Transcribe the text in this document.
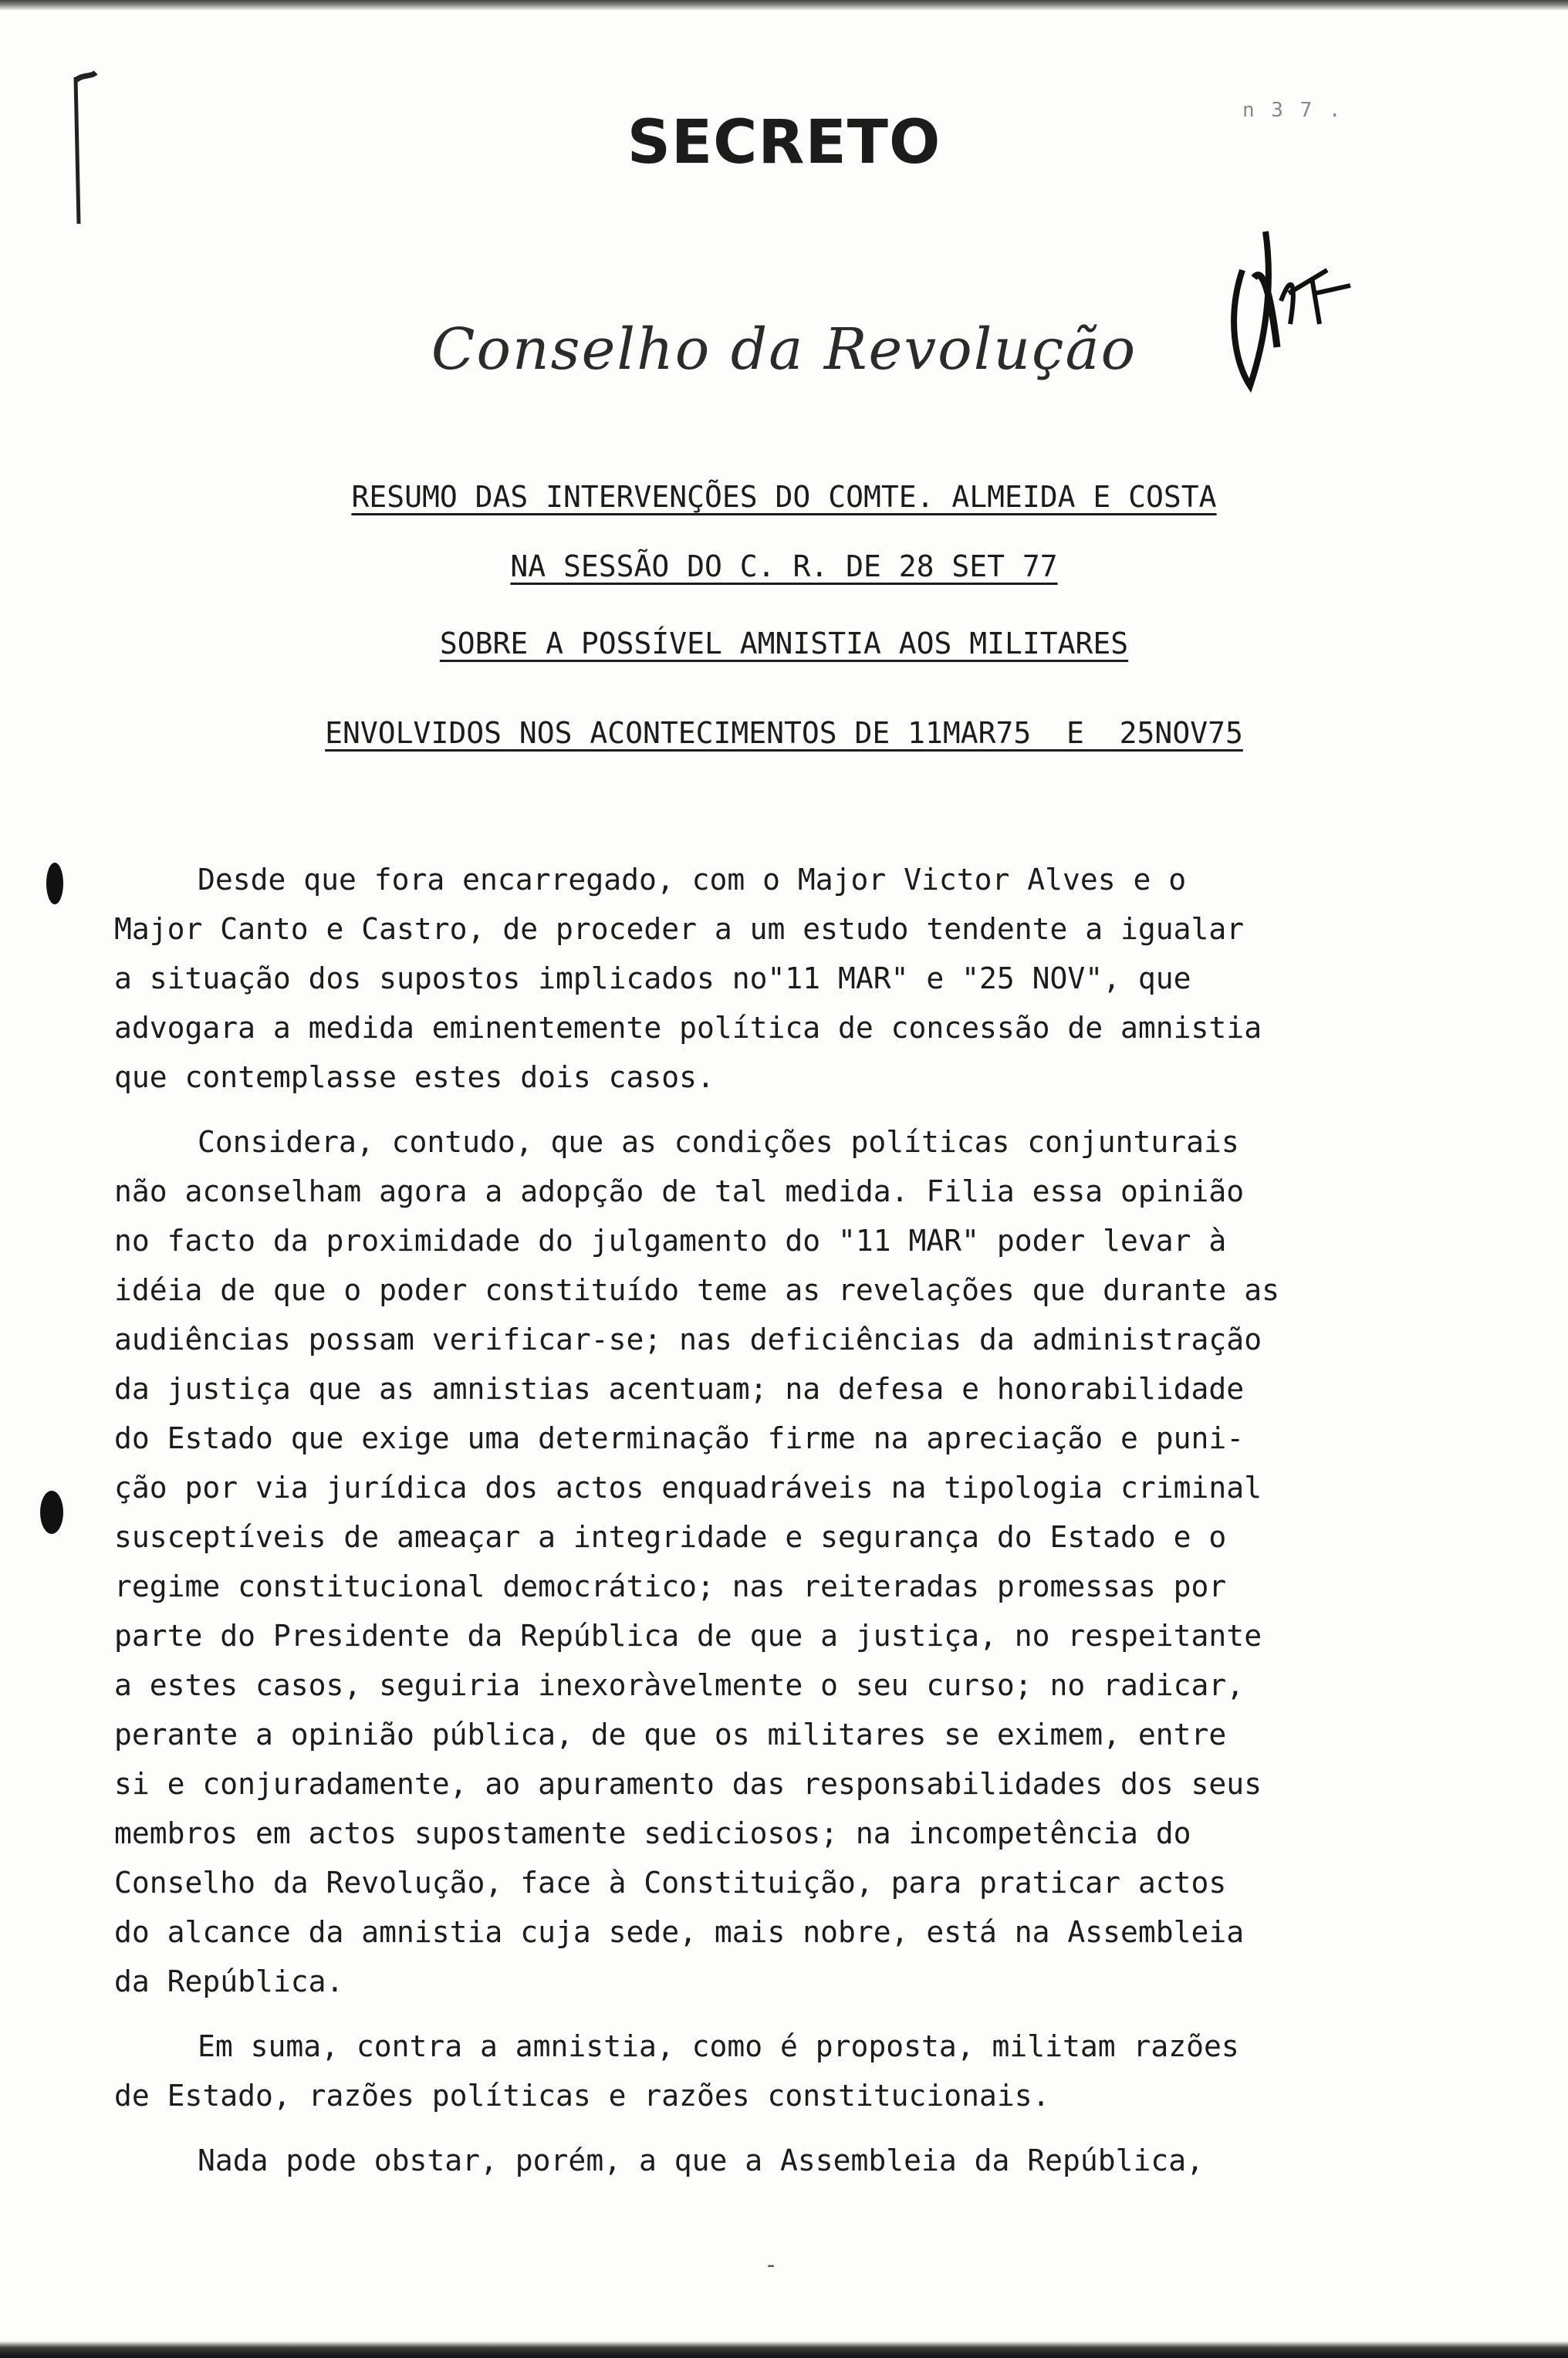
SECRETO	n 3 7 .
Conselho da Revolução
RESUMO DAS INTERVENÇÕES DO COMTE. ALMEIDA E COSTA
NA SESSÃO DO C. R. DE 28 SET 77
SOBRE A POSSÍVEL AMNISTIA AOS MILITARES
ENVOLVIDOS NOS ACONTECIMENTOS DE 11MAR75  E  25NOV75

Desde que fora encarregado, com o Major Victor Alves e o
Major Canto e Castro, de proceder a um estudo tendente a igualar
a situação dos supostos implicados no"11 MAR" e "25 NOV", que
advogara a medida eminentemente política de concessão de amnistia
que contemplasse estes dois casos.

Considera, contudo, que as condições políticas conjunturais
não aconselham agora a adopção de tal medida. Filia essa opinião
no facto da proximidade do julgamento do "11 MAR" poder levar à
idéia de que o poder constituído teme as revelações que durante as
audiências possam verificar-se; nas deficiências da administração
da justiça que as amnistias acentuam; na defesa e honorabilidade
do Estado que exige uma determinação firme na apreciação e puni-
ção por via jurídica dos actos enquadráveis na tipologia criminal
susceptíveis de ameaçar a integridade e segurança do Estado e o
regime constitucional democrático; nas reiteradas promessas por
parte do Presidente da República de que a justiça, no respeitante
a estes casos, seguiria inexoràvelmente o seu curso; no radicar,
perante a opinião pública, de que os militares se eximem, entre
si e conjuradamente, ao apuramento das responsabilidades dos seus
membros em actos supostamente sediciosos; na incompetência do
Conselho da Revolução, face à Constituição, para praticar actos
do alcance da amnistia cuja sede, mais nobre, está na Assembleia
da República.

Em suma, contra a amnistia, como é proposta, militam razões
de Estado, razões políticas e razões constitucionais.

Nada pode obstar, porém, a que a Assembleia da República,

-
